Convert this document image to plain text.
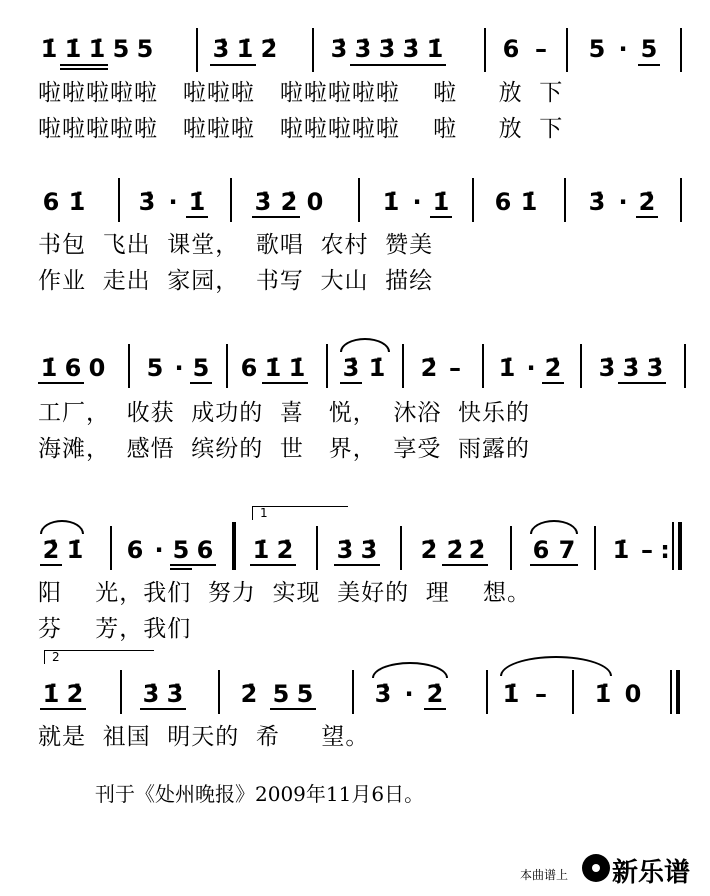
1̇ 1̇ 1̇ 5 5 3̇ 1̇ 2̇ 3̇ 3̇ 3̇ 3̇ 1̇ 6 – 5 · 5
啦啦啦啦啦   啦啦啦   啦啦啦啦啦    啦     放  下
啦啦啦啦啦   啦啦啦   啦啦啦啦啦    啦     放  下
6 1̇ 3̇ · 1̇ 3̇ 2̇ 0 1̇ · 1̇ 6 1̇ 3̇ · 2̇
书包  飞出  课堂，  歌唱  农村  赞美
作业  走出  家园，  书写  大山  描绘
1̇ 6 0 5 · 5 6 1̇ 1̇ 3̇ 1̇ 2̇ – 1̇ · 2̇ 3̇ 3̇ 3̇
工厂，  收获  成功的  喜   悦，  沐浴  快乐的
海滩，  感悟  缤纷的  世   界，  享受  雨露的
2̇ 1̇ 6 · 5 6
1
1̇ 2̇ 3̇ 3̇ 2̇ 2̇ 2̇ 6 7 1̇ – :
阳    光，我们  努力  实现  美好的  理    想。
芬    芳，我们
2
1̇ 2̇ 3̇ 3̇ 2̇ 5 5	3̇ · 2̇ 1̇ – 1̇ 0
就是  祖国  明天的  希     望。
刊于《处州晚报》2009年11月6日。
本曲谱上 新乐谱
